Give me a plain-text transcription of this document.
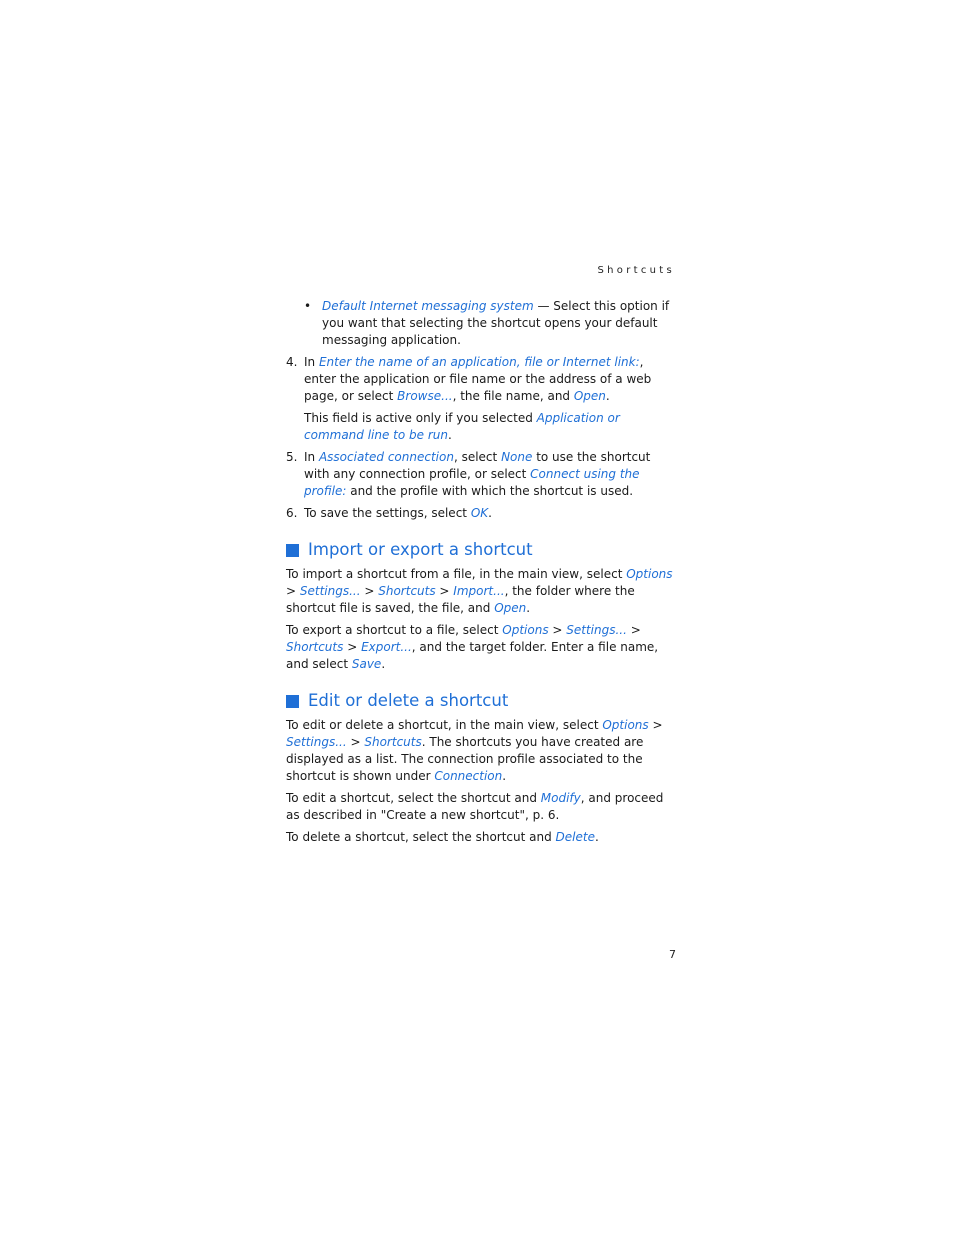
Shortcuts
• Default Internet messaging system — Select this option if you want that selecting the shortcut opens your default messaging application.

4. In Enter the name of an application, file or Internet link:, enter the application or file name or the address of a web page, or select Browse..., the file name, and Open.

This field is active only if you selected Application or command line to be run.

5. In Associated connection, select None to use the shortcut with any connection profile, or select Connect using the profile: and the profile with which the shortcut is used.

6. To save the settings, select OK.

Import or export a shortcut

To import a shortcut from a file, in the main view, select Options > Settings... > Shortcuts > Import..., the folder where the shortcut file is saved, the file, and Open.

To export a shortcut to a file, select Options > Settings... > Shortcuts > Export..., and the target folder. Enter a file name, and select Save.

Edit or delete a shortcut

To edit or delete a shortcut, in the main view, select Options > Settings... > Shortcuts. The shortcuts you have created are displayed as a list. The connection profile associated to the shortcut is shown under Connection.

To edit a shortcut, select the shortcut and Modify, and proceed as described in "Create a new shortcut", p. 6.

To delete a shortcut, select the shortcut and Delete.

7
